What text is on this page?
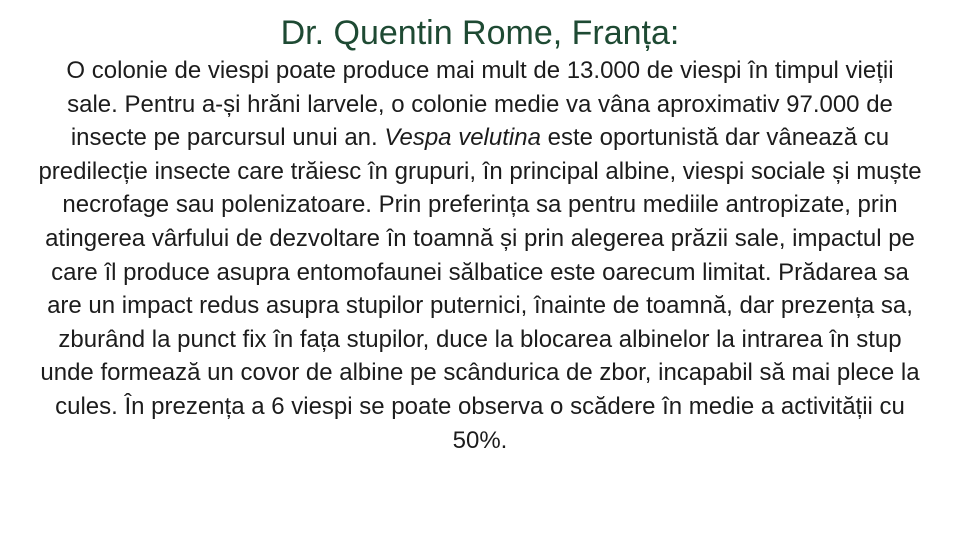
Dr. Quentin Rome, Franța:

O colonie de viespi poate produce mai mult de 13.000 de viespi în timpul vieții sale. Pentru a-și hrăni larvele, o colonie medie va vâna aproximativ 97.000 de insecte pe parcursul unui an. Vespa velutina este oportunistă dar vânează cu predilecție insecte care trăiesc în grupuri, în principal albine, viespi sociale și muște necrofage sau polenizatoare. Prin preferința sa pentru mediile antropizate, prin atingerea vârfului de dezvoltare în toamnă și prin alegerea prăzii sale, impactul pe care îl produce asupra entomofaunei sălbatice este oarecum limitat. Prădarea sa are un impact redus asupra stupilor puternici, înainte de toamnă, dar prezența sa, zburând la punct fix în fața stupilor, duce la blocarea albinelor la intrarea în stup unde formează un covor de albine pe scândurica de zbor, incapabil să mai plece la cules. În prezența a 6 viespi se poate observa o scădere în medie a activității cu 50%.
